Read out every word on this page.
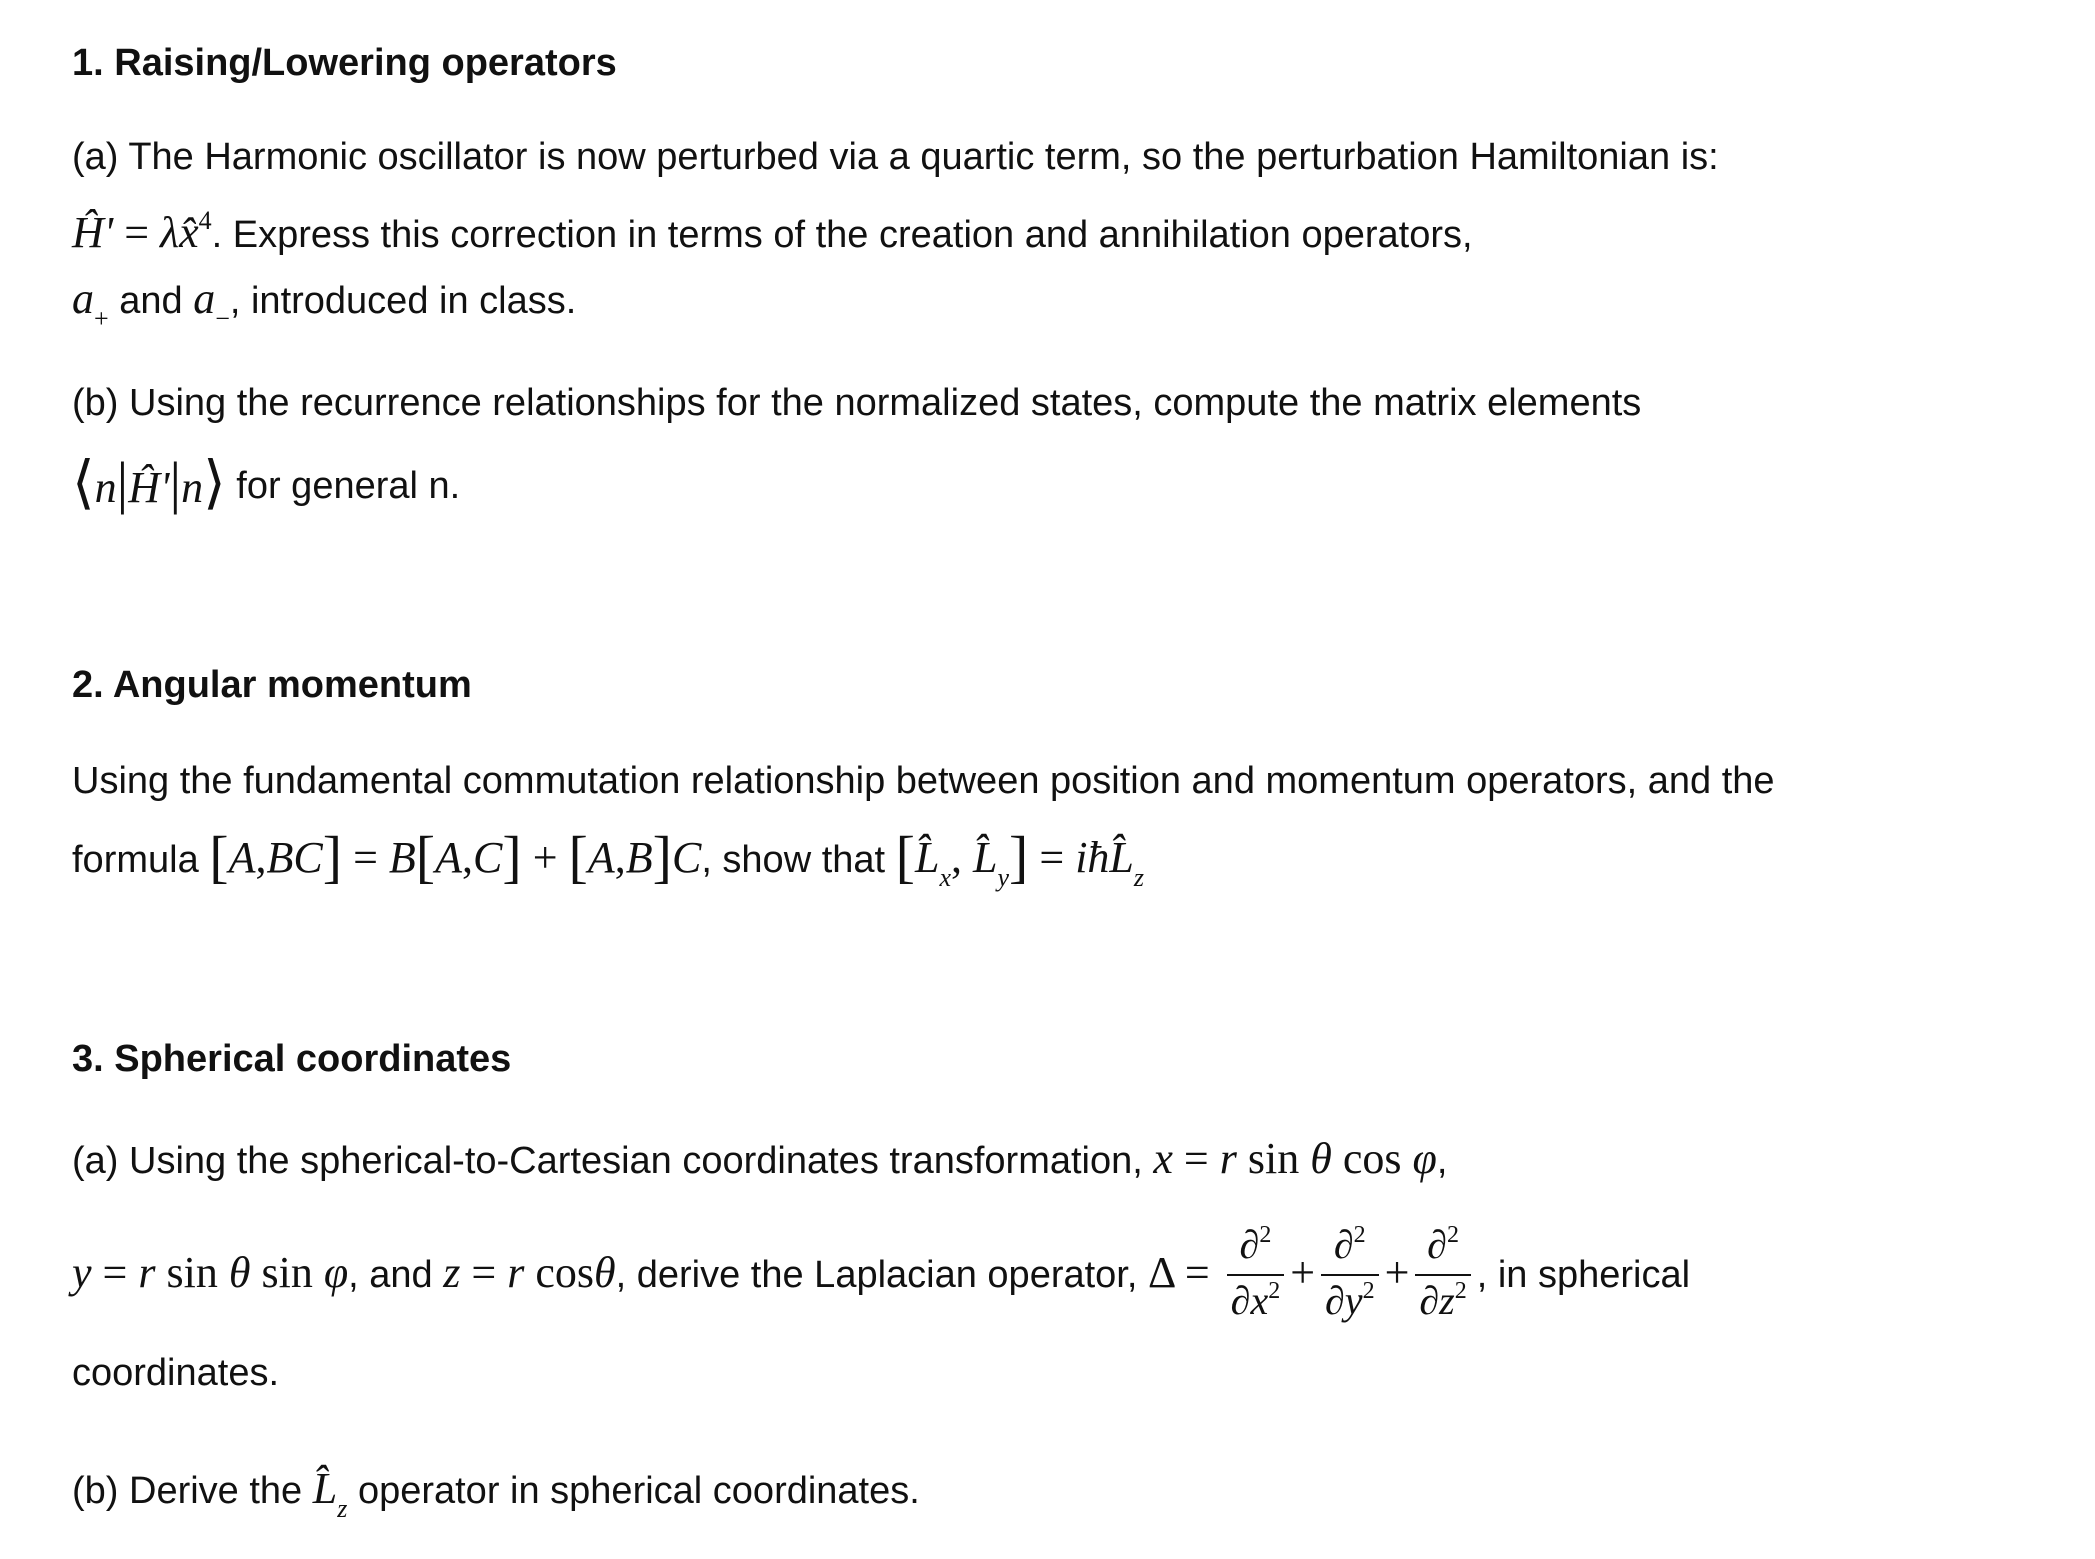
1. Raising/Lowering operators
(a) The Harmonic oscillator is now perturbed via a quartic term, so the perturbation Hamiltonian is:
Ĥ' = λx̂$^4$. Express this correction in terms of the creation and annihilation operators,
$a_+$ and $a_-$, introduced in class.
(b) Using the recurrence relationships for the normalized states, compute the matrix elements
⟨n|Ĥ'|n⟩ for general n.
2. Angular momentum
Using the fundamental commutation relationship between position and momentum operators, and the
formula [A,BC] = B[A,C] + [A,B]C, show that [$L̂_x$, $L̂_y$] = $iħL̂_z$
3. Spherical coordinates
(a) Using the spherical-to-Cartesian coordinates transformation, x = r sin θ cos φ,
y = r sin θ sin φ, and z = r cosθ, derive the Laplacian operator, $\Delta = \frac{\partial^2}{\partial x^2} + \frac{\partial^2}{\partial y^2} + \frac{\partial^2}{\partial z^2}$ , in spherical
coordinates.
(b) Derive the $L̂_z$ operator in spherical coordinates.
